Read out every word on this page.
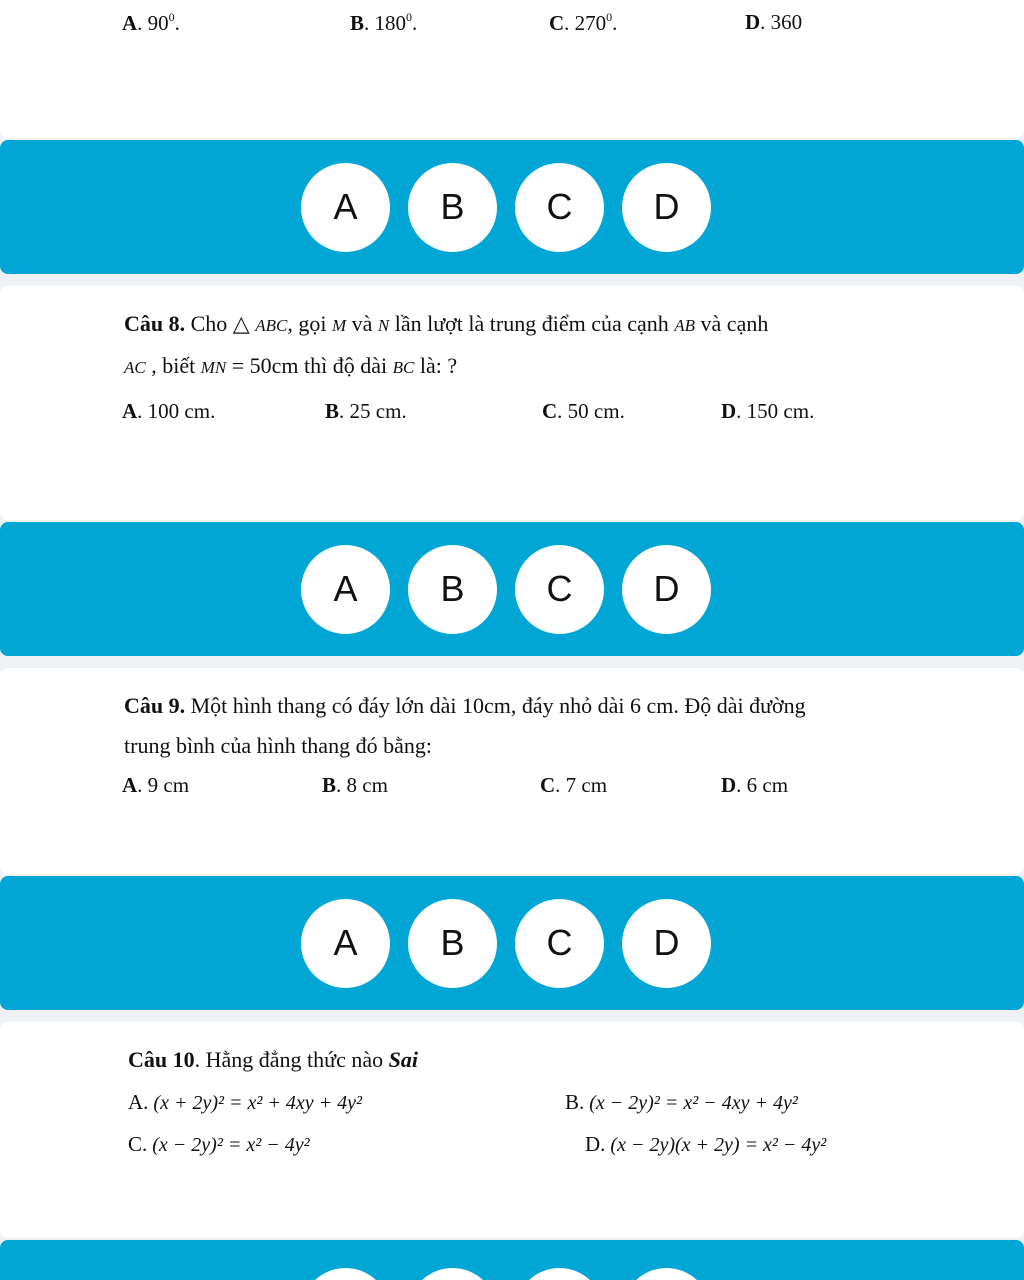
A. $90^0$.	B. $180^0$.	C. $270^0$.	D. 360
A	B	C	D
Câu 8. Cho △ ABC, gọi M và N lần lượt là trung điểm của cạnh AB và cạnh
AC , biết MN = 50cm thì độ dài BC là: ?
A. 100 cm.	B. 25 cm.	C. 50 cm.	D. 150 cm.
A	B	C	D
Câu 9. Một hình thang có đáy lớn dài 10cm, đáy nhỏ dài 6 cm. Độ dài đường
trung bình của hình thang đó bằng:
A. 9 cm	B. 8 cm	C. 7 cm	D. 6 cm
A	B	C	D
Câu 10. Hằng đẳng thức nào Sai
A. (x + 2y)² = x² + 4xy + 4y²	B. (x − 2y)² = x² − 4xy + 4y²
C. (x − 2y)² = x² − 4y²	D. (x − 2y)(x + 2y) = x² − 4y²
